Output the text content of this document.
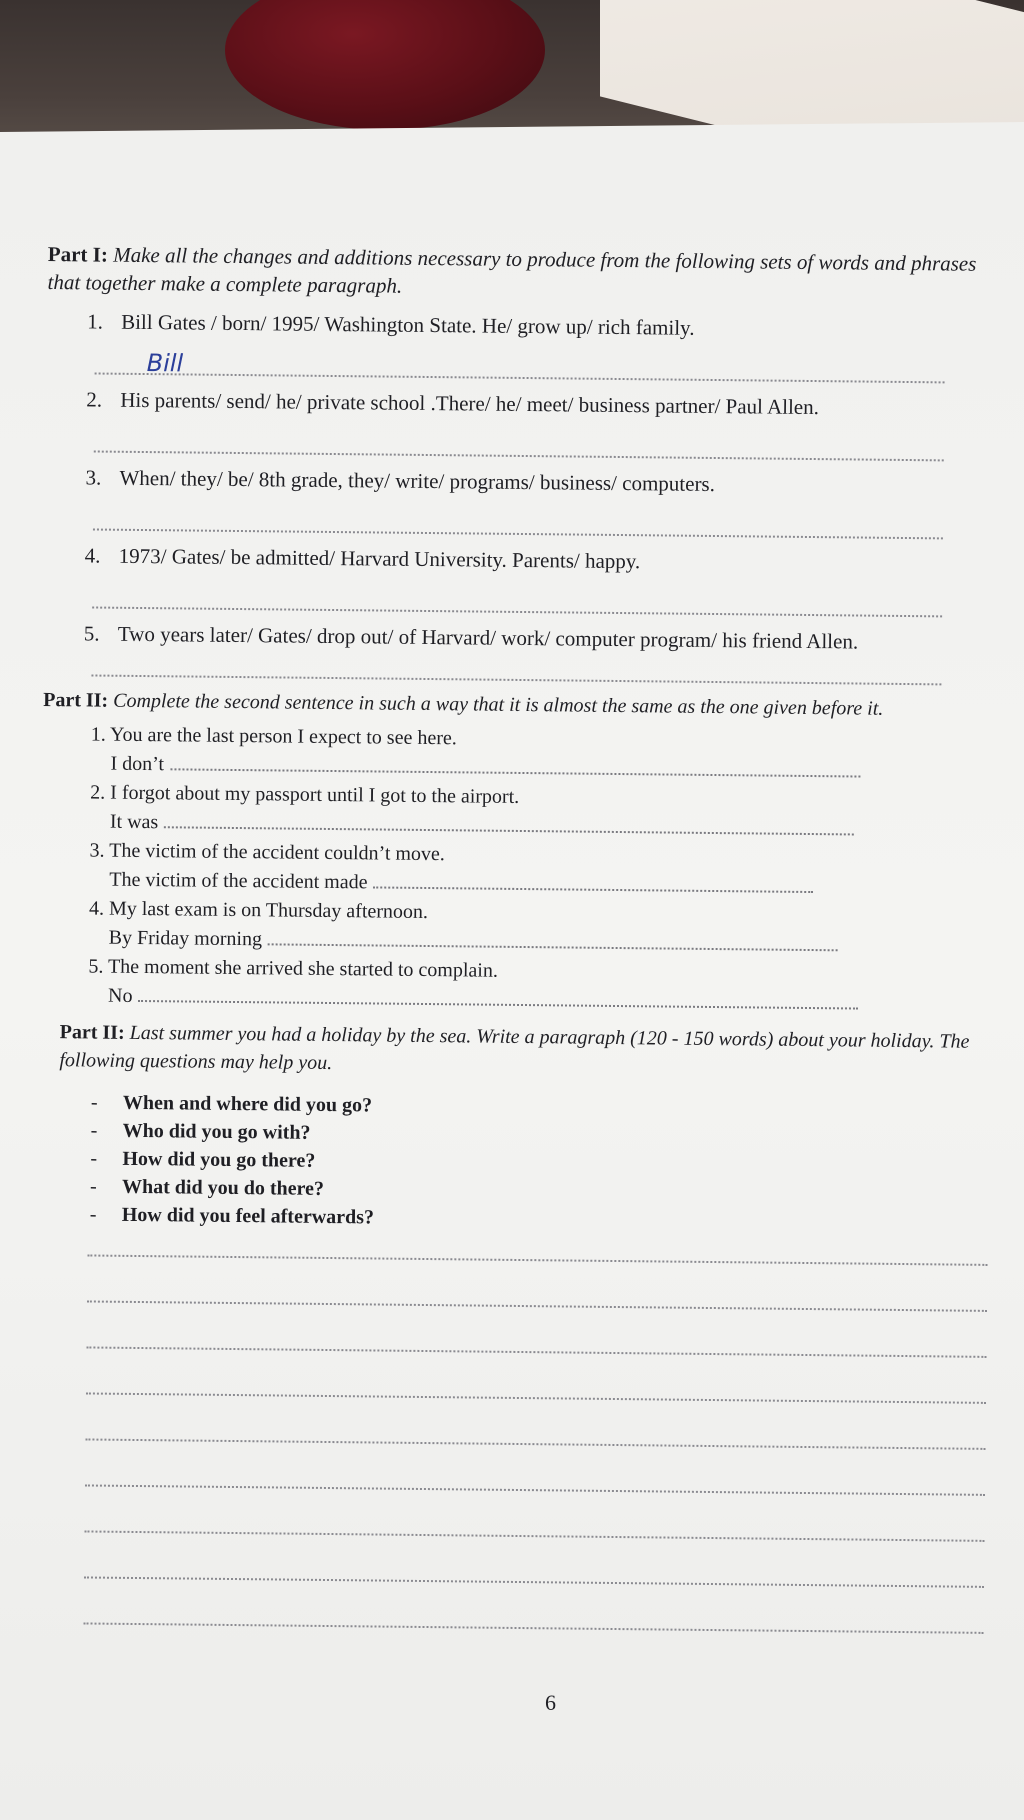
Part I: Make all the changes and additions necessary to produce from the following sets of words and phrases that together make a complete paragraph.

1. Bill Gates / born/ 1995/ Washington State. He/ grow up/ rich family.
Bill
2. His parents/ send/ he/ private school .There/ he/ meet/ business partner/ Paul Allen.
3. When/ they/ be/ 8th grade, they/ write/ programs/ business/ computers.
4. 1973/ Gates/ be admitted/ Harvard University. Parents/ happy.
5. Two years later/ Gates/ drop out/ of Harvard/ work/ computer program/ his friend Allen.

Part II: Complete the second sentence in such a way that it is almost the same as the one given before it.

1. You are the last person I expect to see here.
I don’t
2. I forgot about my passport until I got to the airport.
It was
3. The victim of the accident couldn’t move.
The victim of the accident made
4. My last exam is on Thursday afternoon.
By Friday morning
5. The moment she arrived she started to complain.
No

Part II: Last summer you had a holiday by the sea. Write a paragraph (120 - 150 words) about your holiday. The following questions may help you.

- When and where did you go?
- Who did you go with?
- How did you go there?
- What did you do there?
- How did you feel afterwards?
6
